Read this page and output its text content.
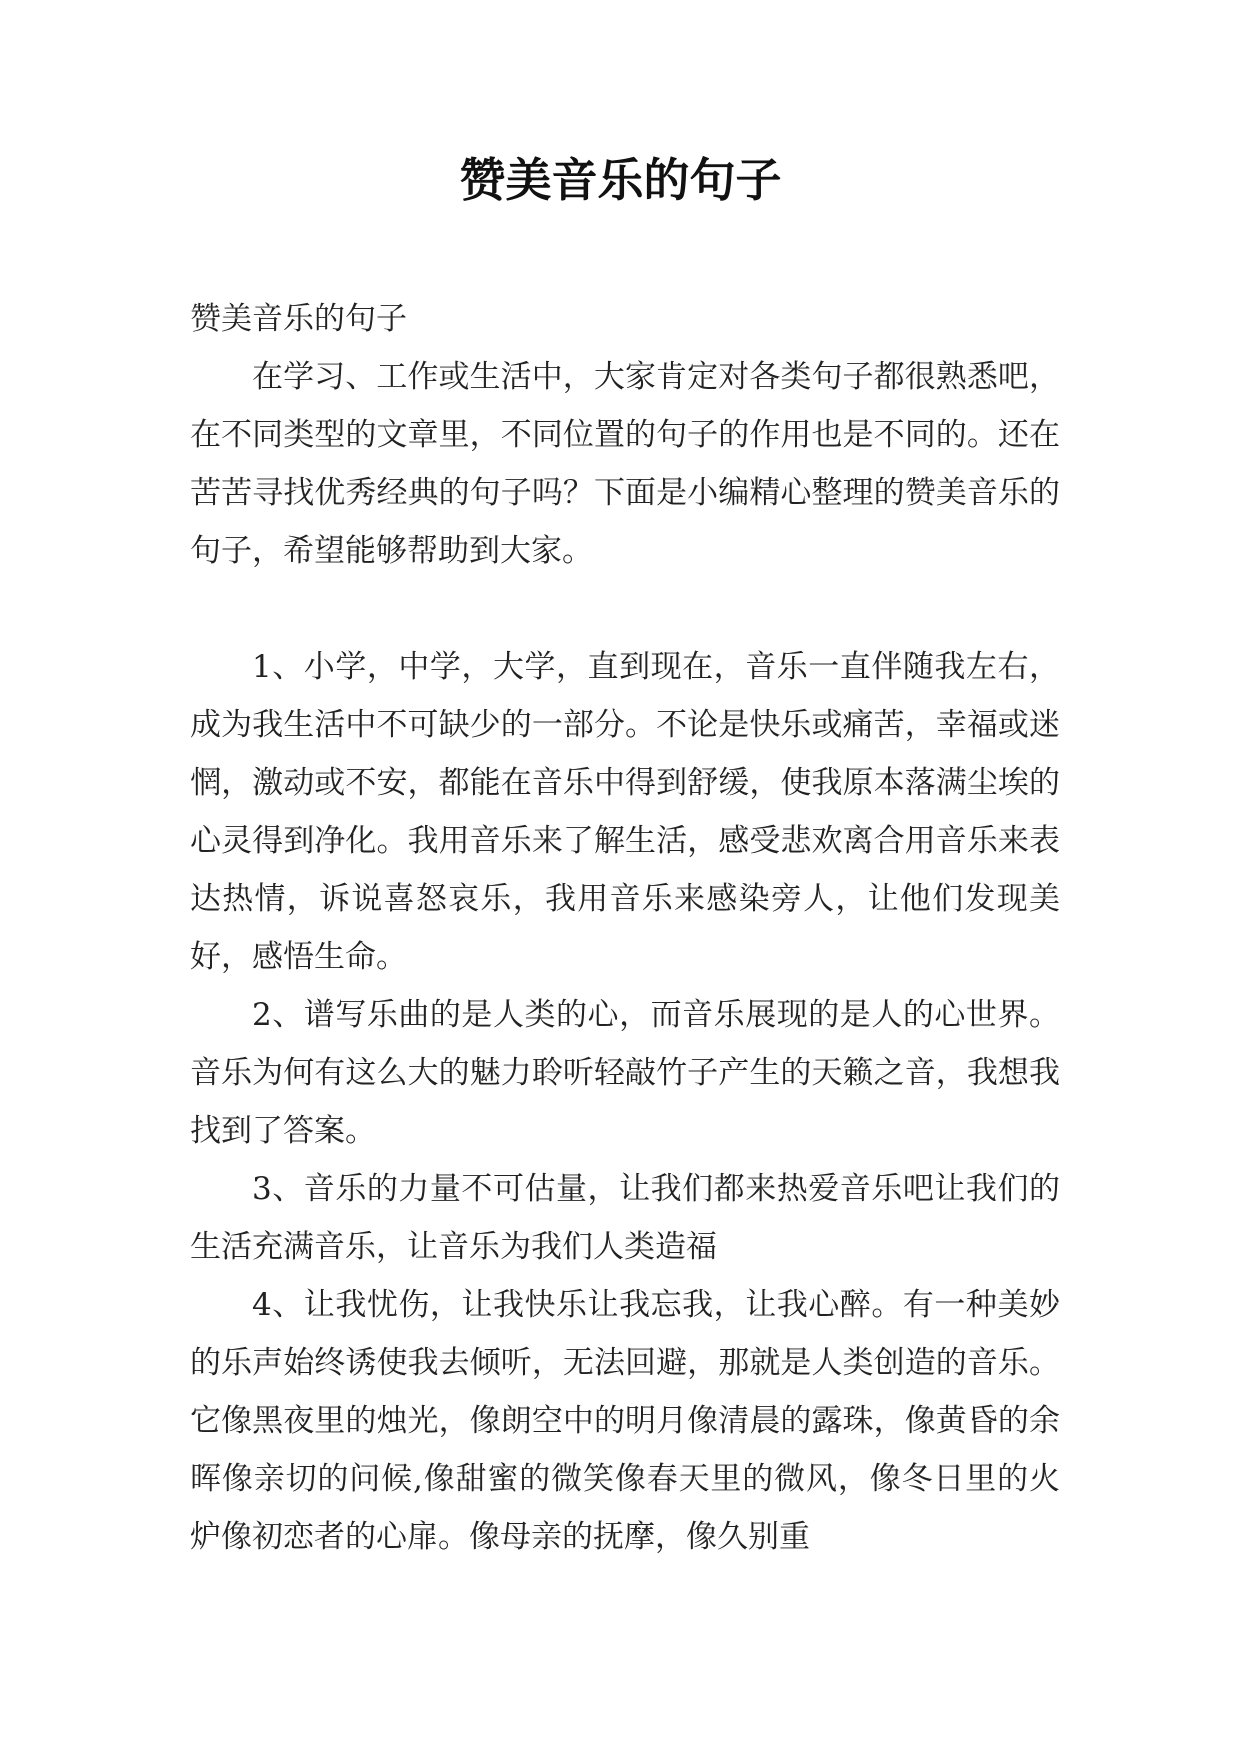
赞美音乐的句子

赞美音乐的句子

在学习、工作或生活中，大家肯定对各类句子都很熟悉吧，在不同类型的文章里，不同位置的句子的作用也是不同的。还在苦苦寻找优秀经典的句子吗？下面是小编精心整理的赞美音乐的句子，希望能够帮助到大家。

1、小学，中学，大学，直到现在，音乐一直伴随我左右，成为我生活中不可缺少的一部分。不论是快乐或痛苦，幸福或迷惘，激动或不安，都能在音乐中得到舒缓，使我原本落满尘埃的心灵得到净化。我用音乐来了解生活，感受悲欢离合用音乐来表达热情，诉说喜怒哀乐，我用音乐来感染旁人，让他们发现美好，感悟生命。

2、谱写乐曲的是人类的心，而音乐展现的是人的心世界。音乐为何有这么大的魅力聆听轻敲竹子产生的天籁之音，我想我找到了答案。

3、音乐的力量不可估量，让我们都来热爱音乐吧让我们的生活充满音乐，让音乐为我们人类造福

4、让我忧伤，让我快乐让我忘我，让我心醉。有一种美妙的乐声始终诱使我去倾听，无法回避，那就是人类创造的音乐。它像黑夜里的烛光，像朗空中的明月像清晨的露珠，像黄昏的余晖像亲切的问候,像甜蜜的微笑像春天里的微风，像冬日里的火炉像初恋者的心扉。像母亲的抚摩，像久别重
